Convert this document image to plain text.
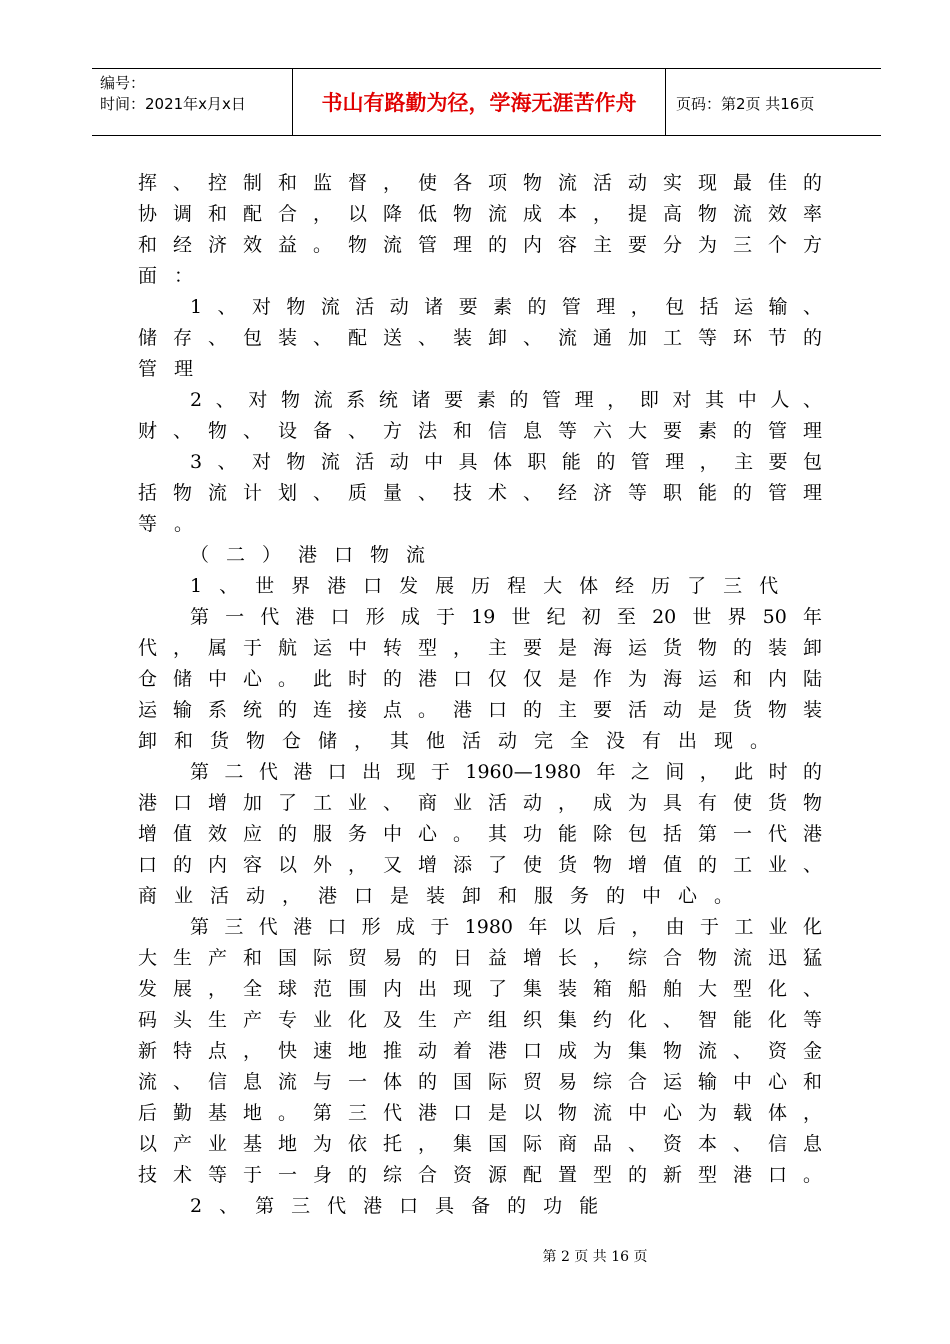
编号：
时间：2021年x月x日	书山有路勤为径，学海无涯苦作舟	页码：第2页 共16页
挥、控制和监督，使各项物流活动实现最佳的
协调和配合，以降低物流成本，提高物流效率
和经济效益。物流管理的内容主要分为三个方
面：
1、对物流活动诸要素的管理，包括运输、
储存、包装、配送、装卸、流通加工等环节的
管理
2、对物流系统诸要素的管理，即对其中人、
财、物、设备、方法和信息等六大要素的管理
3、对物流活动中具体职能的管理，主要包
括物流计划、质量、技术、经济等职能的管理
等。
（二）港口物流
1、世界港口发展历程大体经历了三代
第一代港口形成于19世纪初至20世界50年
代，属于航运中转型，主要是海运货物的装卸
仓储中心。此时的港口仅仅是作为海运和内陆
运输系统的连接点。港口的主要活动是货物装
卸和货物仓储，其他活动完全没有出现。
第二代港口出现于1960—1980年之间，此时的
港口增加了工业、商业活动，成为具有使货物
增值效应的服务中心。其功能除包括第一代港
口的内容以外，又增添了使货物增值的工业、
商业活动，港口是装卸和服务的中心。
第三代港口形成于1980年以后，由于工业化
大生产和国际贸易的日益增长，综合物流迅猛
发展，全球范围内出现了集装箱船舶大型化、
码头生产专业化及生产组织集约化、智能化等
新特点，快速地推动着港口成为集物流、资金
流、信息流与一体的国际贸易综合运输中心和
后勤基地。第三代港口是以物流中心为载体，
以产业基地为依托，集国际商品、资本、信息
技术等于一身的综合资源配置型的新型港口。
2、第三代港口具备的功能
第 2 页 共 16 页
